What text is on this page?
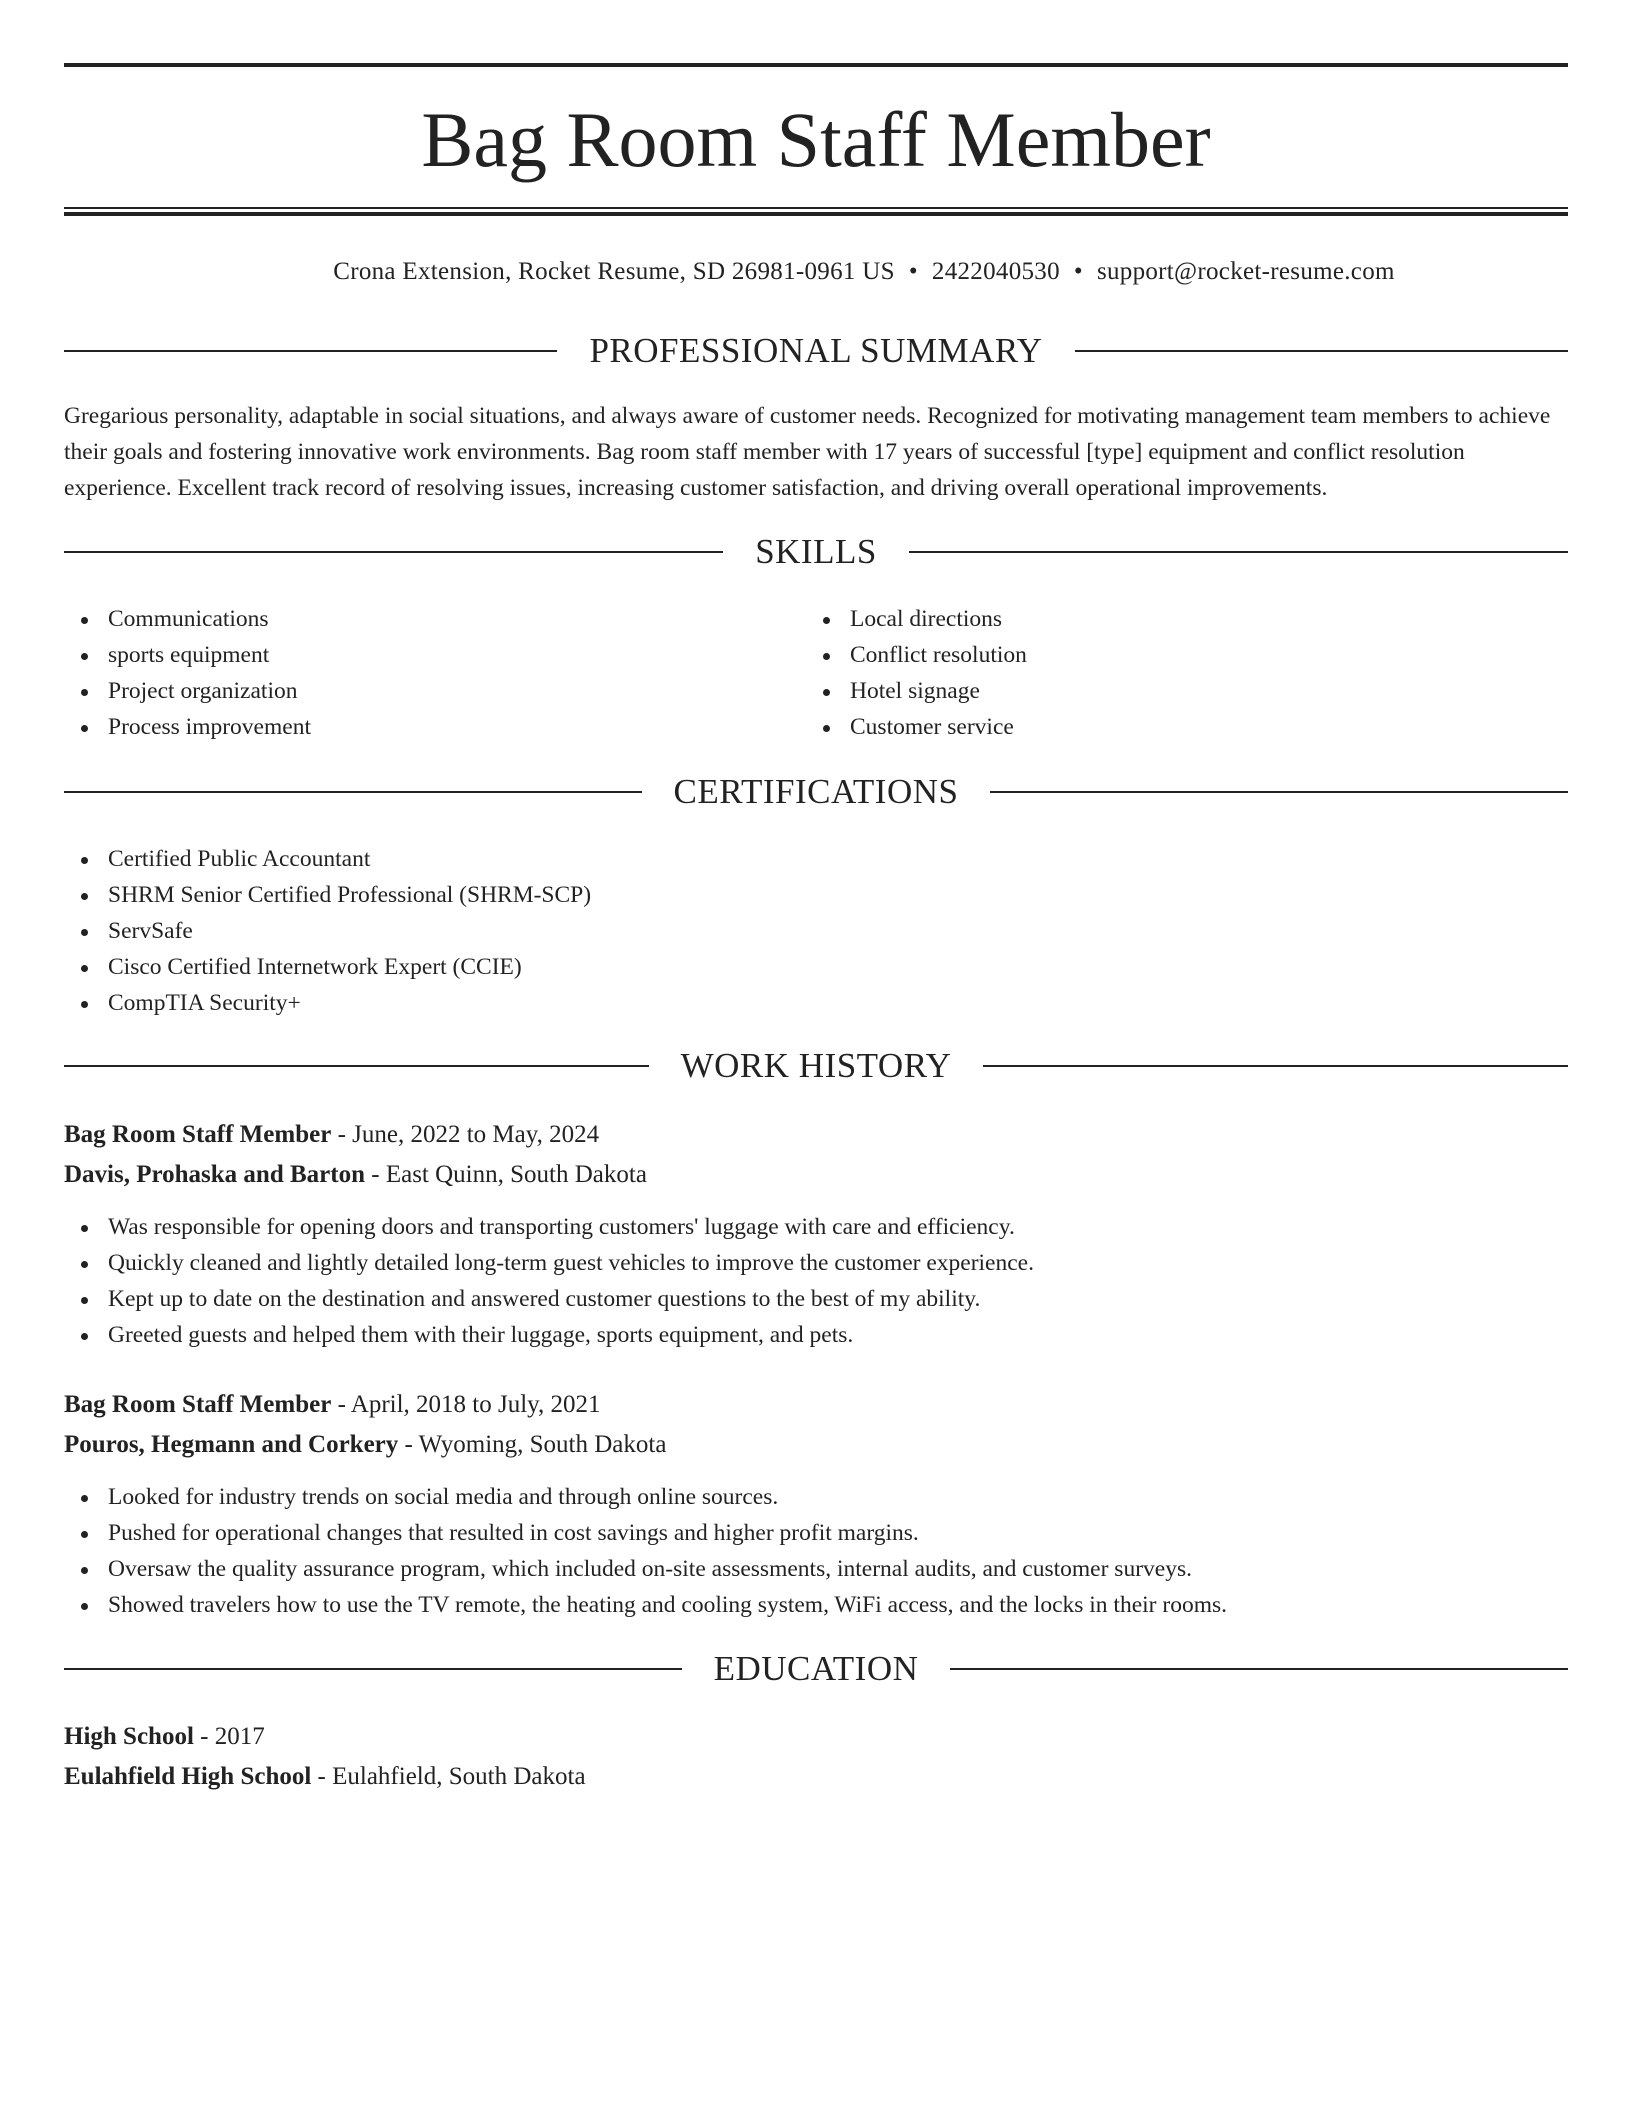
Bag Room Staff Member
Crona Extension, Rocket Resume, SD 26981-0961 US • 2422040530 • support@rocket-resume.com
PROFESSIONAL SUMMARY

Gregarious personality, adaptable in social situations, and always aware of customer needs. Recognized for motivating management team members to achieve their goals and fostering innovative work environments. Bag room staff member with 17 years of successful [type] equipment and conflict resolution experience. Excellent track record of resolving issues, increasing customer satisfaction, and driving overall operational improvements.

SKILLS
Communications
sports equipment
Project organization
Process improvement
Local directions
Conflict resolution
Hotel signage
Customer service
CERTIFICATIONS
Certified Public Accountant
SHRM Senior Certified Professional (SHRM-SCP)
ServSafe
Cisco Certified Internetwork Expert (CCIE)
CompTIA Security+
WORK HISTORY

Bag Room Staff Member - June, 2022 to May, 2024

Davis, Prohaska and Barton - East Quinn, South Dakota

Was responsible for opening doors and transporting customers' luggage with care and efficiency.
Quickly cleaned and lightly detailed long-term guest vehicles to improve the customer experience.
Kept up to date on the destination and answered customer questions to the best of my ability.
Greeted guests and helped them with their luggage, sports equipment, and pets.

Bag Room Staff Member - April, 2018 to July, 2021

Pouros, Hegmann and Corkery - Wyoming, South Dakota

Looked for industry trends on social media and through online sources.
Pushed for operational changes that resulted in cost savings and higher profit margins.
Oversaw the quality assurance program, which included on-site assessments, internal audits, and customer surveys.
Showed travelers how to use the TV remote, the heating and cooling system, WiFi access, and the locks in their rooms.
EDUCATION

High School - 2017

Eulahfield High School - Eulahfield, South Dakota
